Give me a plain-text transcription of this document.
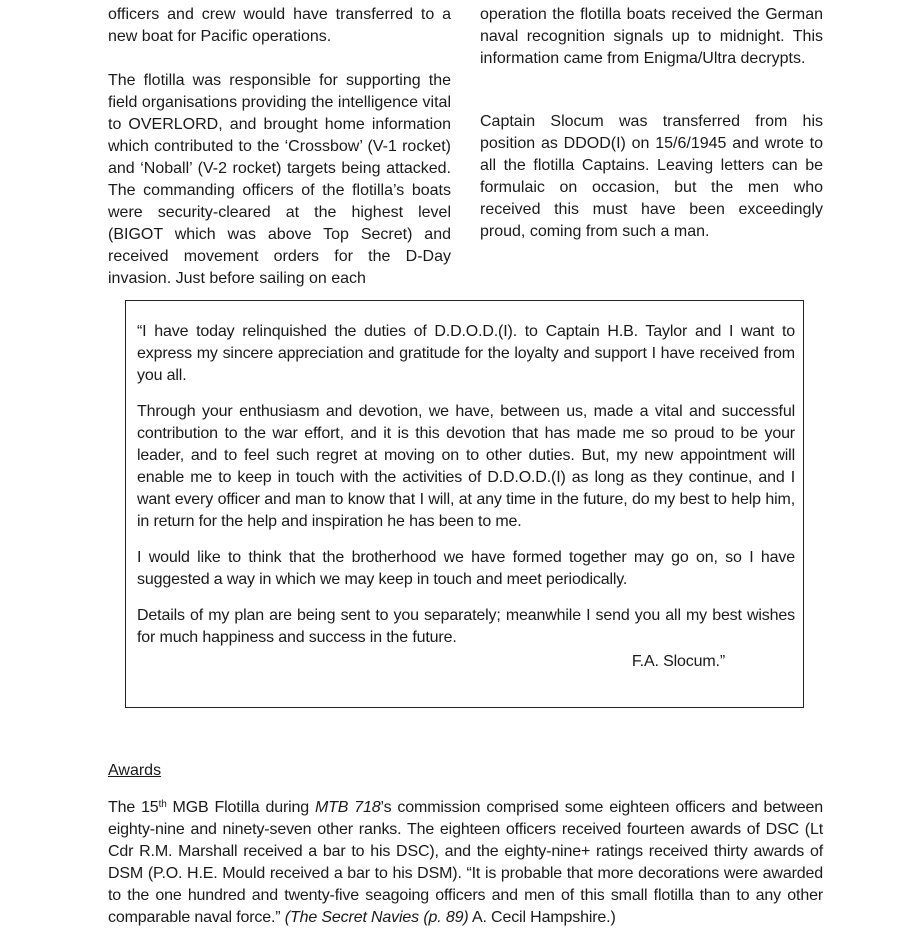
officers and crew would have transferred to a new boat for Pacific operations.

The flotilla was responsible for supporting the field organisations providing the intelligence vital to OVERLORD, and brought home information which contributed to the ‘Crossbow’ (V-1 rocket) and ‘Noball’ (V-2 rocket) targets being attacked. The commanding officers of the flotilla’s boats were security-cleared at the highest level (BIGOT which was above Top Secret) and received movement orders for the D-Day invasion. Just before sailing on each

operation the flotilla boats received the German naval recognition signals up to midnight. This information came from Enigma/Ultra decrypts.

Captain Slocum was transferred from his position as DDOD(I) on 15/6/1945 and wrote to all the flotilla Captains. Leaving letters can be formulaic on occasion, but the men who received this must have been exceedingly proud, coming from such a man.

“I have today relinquished the duties of D.D.O.D.(I). to Captain H.B. Taylor and I want to express my sincere appreciation and gratitude for the loyalty and support I have received from you all.

Through your enthusiasm and devotion, we have, between us, made a vital and successful contribution to the war effort, and it is this devotion that has made me so proud to be your leader, and to feel such regret at moving on to other duties. But, my new appointment will enable me to keep in touch with the activities of D.D.O.D.(I) as long as they continue, and I want every officer and man to know that I will, at any time in the future, do my best to help him, in return for the help and inspiration he has been to me.

I would like to think that the brotherhood we have formed together may go on, so I have suggested a way in which we may keep in touch and meet periodically.

Details of my plan are being sent to you separately; meanwhile I send you all my best wishes for much happiness and success in the future.

F.A. Slocum.”
Awards

The 15th MGB Flotilla during MTB 718’s commission comprised some eighteen officers and between eighty-nine and ninety-seven other ranks. The eighteen officers received fourteen awards of DSC (Lt Cdr R.M. Marshall received a bar to his DSC), and the eighty-nine+ ratings received thirty awards of DSM (P.O. H.E. Mould received a bar to his DSM). “It is probable that more decorations were awarded to the one hundred and twenty-five seagoing officers and men of this small flotilla than to any other comparable naval force.” (The Secret Navies (p. 89) A. Cecil Hampshire.)
